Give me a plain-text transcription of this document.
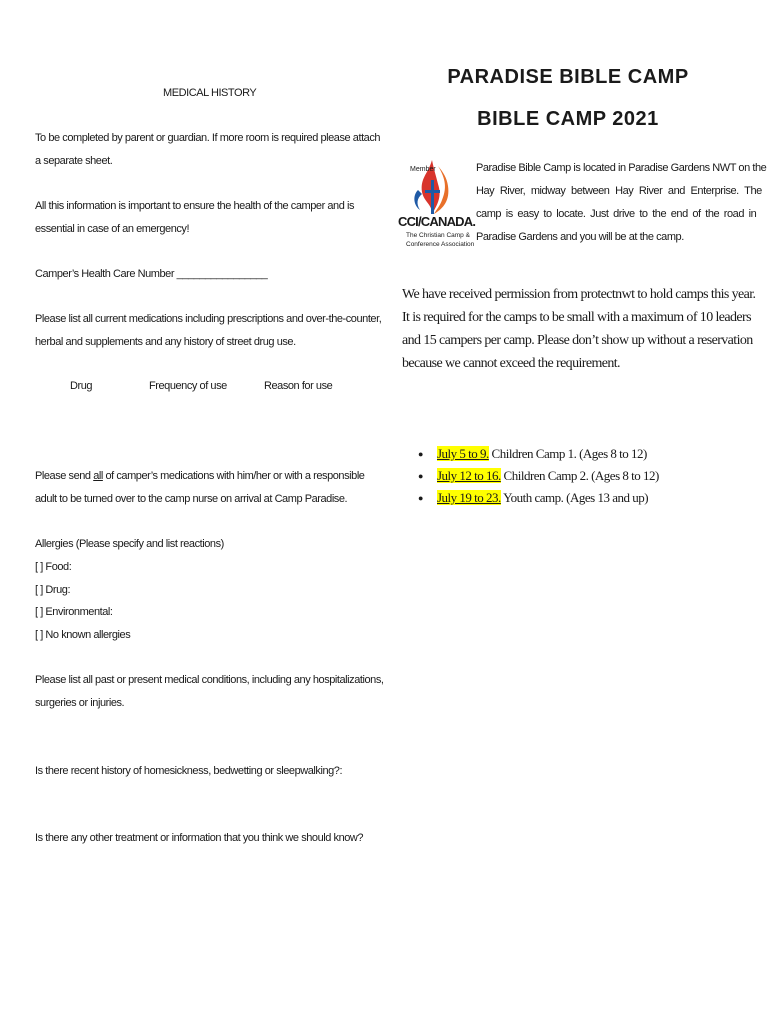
MEDICAL HISTORY
To be completed by parent or guardian. If more room is required please attach
a separate sheet.
All this information is important to ensure the health of the camper and is
essential in case of an emergency!
Camper’s Health Care Number ________________
Please list all current medications including prescriptions and over-the-counter,
herbal and supplements and any history of street drug use.
Drug	Frequency of use	Reason for use
Please send all of camper’s medications with him/her or with a responsible
adult to be turned over to the camp nurse on arrival at Camp Paradise.
Allergies (Please specify and list reactions)
[ ] Food:
[ ] Drug:
[ ] Environmental:
[ ] No known allergies
Please list all past or present medical conditions, including any hospitalizations,
surgeries or injuries.
Is there recent history of homesickness, bedwetting or sleepwalking?:
Is there any other treatment or information that you think we should know?
PARADISE BIBLE CAMP
BIBLE CAMP 2021
Member
CCI/CANADA.
The Christian Camp &
Conference Association
Paradise Bible Camp is located in Paradise Gardens NWT on the
Hay River, midway between Hay River and Enterprise. The
camp is easy to locate. Just drive to the end of the road in
Paradise Gardens and you will be at the camp.
We have received permission from protectnwt to hold camps this year.
It is required for the camps to be small with a maximum of 10 leaders
and 15 campers per camp. Please don’t show up without a reservation
because we cannot exceed the requirement.
● July 5 to 9. Children Camp 1. (Ages 8 to 12)
● July 12 to 16. Children Camp 2. (Ages 8 to 12)
● July 19 to 23. Youth camp. (Ages 13 and up)
